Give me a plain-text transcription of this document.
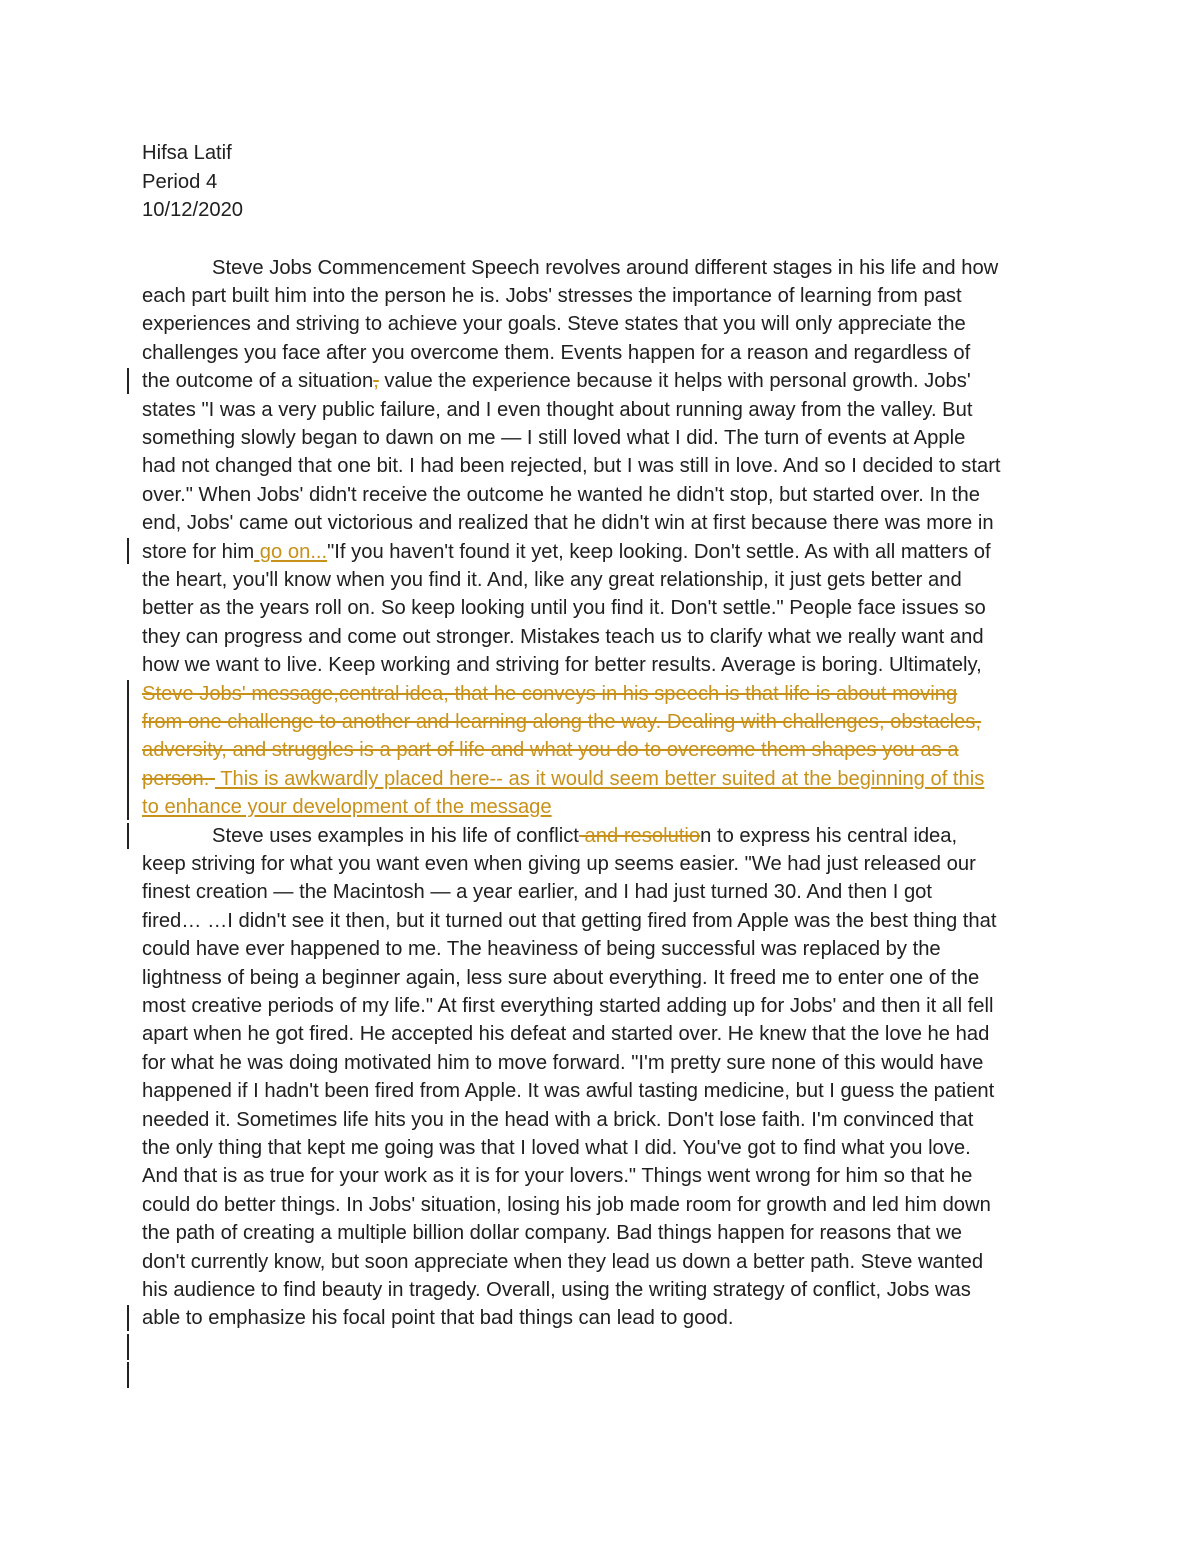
Hifsa Latif
Period 4
10/12/2020
Steve Jobs Commencement Speech revolves around different stages in his life and how
each part built him into the person he is. Jobs' stresses the importance of learning from past
experiences and striving to achieve your goals. Steve states that you will only appreciate the
challenges you face after you overcome them. Events happen for a reason and regardless of
the outcome of a situation, value the experience because it helps with personal growth. Jobs'
states "I was a very public failure, and I even thought about running away from the valley. But
something slowly began to dawn on me — I still loved what I did. The turn of events at Apple
had not changed that one bit. I had been rejected, but I was still in love. And so I decided to start
over." When Jobs' didn't receive the outcome he wanted he didn't stop, but started over. In the
end, Jobs' came out victorious and realized that he didn't win at first because there was more in
store for him go on..."If you haven't found it yet, keep looking. Don't settle. As with all matters of
the heart, you'll know when you find it. And, like any great relationship, it just gets better and
better as the years roll on. So keep looking until you find it. Don't settle." People face issues so
they can progress and come out stronger. Mistakes teach us to clarify what we really want and
how we want to live. Keep working and striving for better results. Average is boring. Ultimately,
Steve Jobs' message,central idea, that he conveys in his speech is that life is about moving
from one challenge to another and learning along the way. Dealing with challenges, obstacles,
adversity, and struggles is a part of life and what you do to overcome them shapes you as a
person.  This is awkwardly placed here-- as it would seem better suited at the beginning of this
to enhance your development of the message
Steve uses examples in his life of conflict and resolution to express his central idea,
keep striving for what you want even when giving up seems easier. "We had just released our
finest creation — the Macintosh — a year earlier, and I had just turned 30. And then I got
fired… …I didn't see it then, but it turned out that getting fired from Apple was the best thing that
could have ever happened to me. The heaviness of being successful was replaced by the
lightness of being a beginner again, less sure about everything. It freed me to enter one of the
most creative periods of my life." At first everything started adding up for Jobs' and then it all fell
apart when he got fired. He accepted his defeat and started over. He knew that the love he had
for what he was doing motivated him to move forward. "I'm pretty sure none of this would have
happened if I hadn't been fired from Apple. It was awful tasting medicine, but I guess the patient
needed it. Sometimes life hits you in the head with a brick. Don't lose faith. I'm convinced that
the only thing that kept me going was that I loved what I did. You've got to find what you love.
And that is as true for your work as it is for your lovers." Things went wrong for him so that he
could do better things. In Jobs' situation, losing his job made room for growth and led him down
the path of creating a multiple billion dollar company. Bad things happen for reasons that we
don't currently know, but soon appreciate when they lead us down a better path. Steve wanted
his audience to find beauty in tragedy. Overall, using the writing strategy of conflict, Jobs was
able to emphasize his focal point that bad things can lead to good.
